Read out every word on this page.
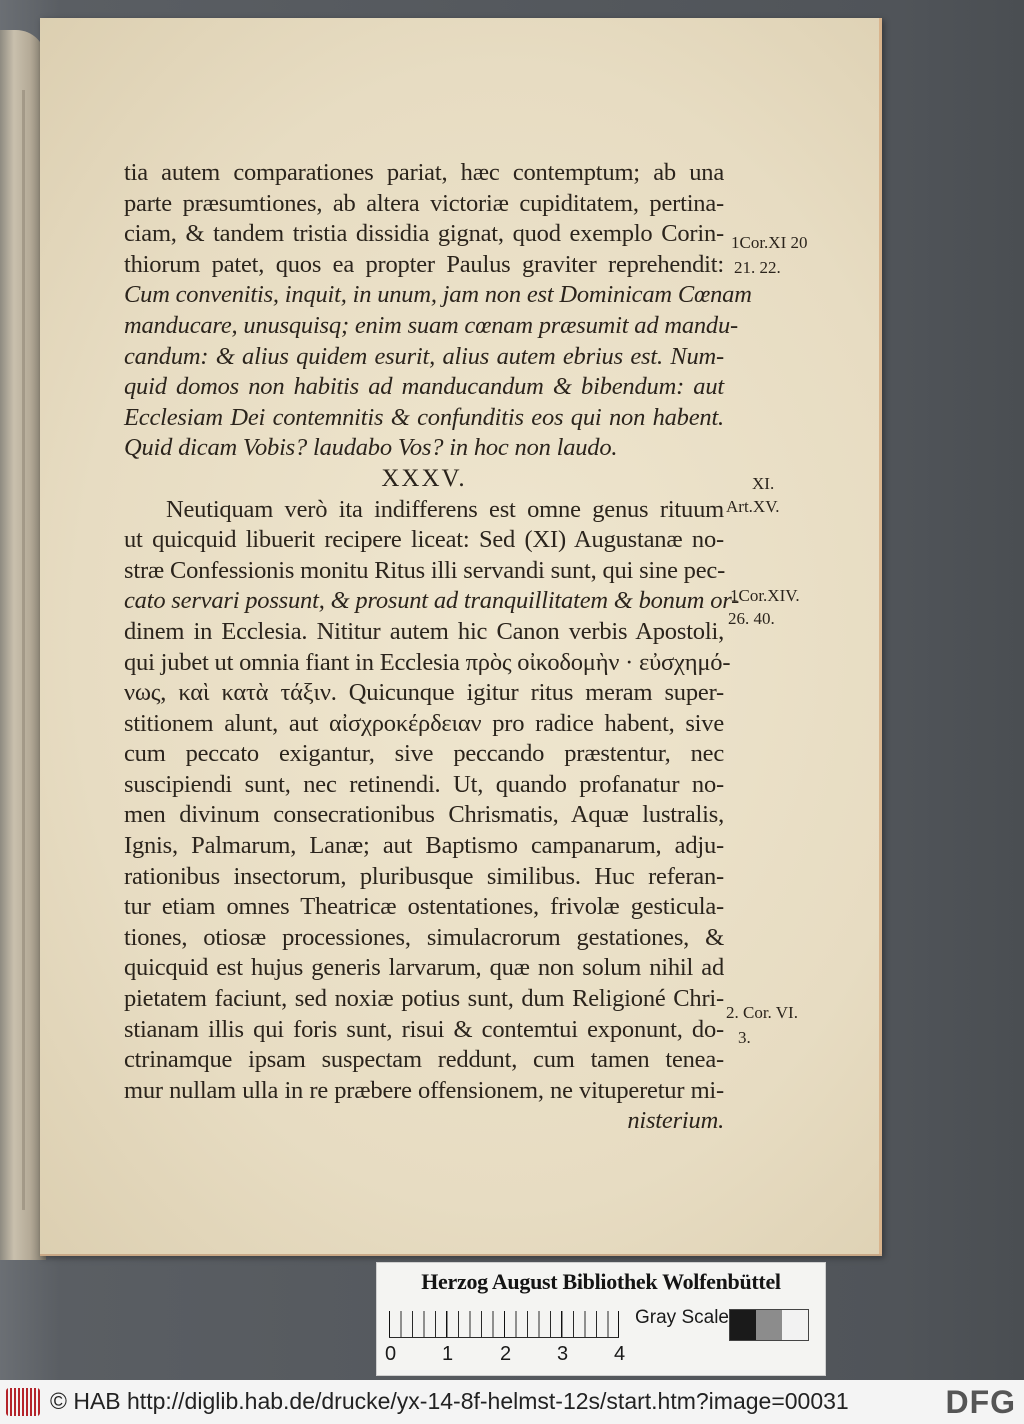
tia autem comparationes pariat, hæc contemptum; ab una
parte præsumtiones, ab altera victoriæ cupiditatem, pertina-
ciam, & tandem tristia dissidia gignat, quod exemplo Corin-
thiorum patet, quos ea propter Paulus graviter reprehendit:
Cum convenitis, inquit, in unum, jam non est Dominicam Cœnam
manducare, unusquisq; enim suam cœnam præsumit ad mandu-
candum: & alius quidem esurit, alius autem ebrius est. Num-
quid domos non habitis ad manducandum & bibendum: aut
Ecclesiam Dei contemnitis & confunditis eos qui non habent.
Quid dicam Vobis? laudabo Vos? in hoc non laudo.
XXXV.
Neutiquam verò ita indifferens est omne genus rituum
ut quicquid libuerit recipere liceat: Sed (XI) Augustanæ no-
stræ Confessionis monitu Ritus illi servandi sunt, qui sine pec-
cato servari possunt, & prosunt ad tranquillitatem & bonum or-
dinem in Ecclesia. Nititur autem hic Canon verbis Apostoli,
qui jubet ut omnia fiant in Ecclesia πρὸς οἰκοδομὴν · εὐσχημό-
νως, καὶ κατὰ τάξιν. Quicunque igitur ritus meram super-
stitionem alunt, aut αἰσχροκέρδειαν pro radice habent, sive
cum peccato exigantur, sive peccando præstentur, nec
suscipiendi sunt, nec retinendi. Ut, quando profanatur no-
men divinum consecrationibus Chrismatis, Aquæ lustralis,
Ignis, Palmarum, Lanæ; aut Baptismo campanarum, adju-
rationibus insectorum, pluribusque similibus. Huc referan-
tur etiam omnes Theatricæ ostentationes, frivolæ gesticula-
tiones, otiosæ processiones, simulacrorum gestationes, &
quicquid est hujus generis larvarum, quæ non solum nihil ad
pietatem faciunt, sed noxiæ potius sunt, dum Religioné Chri-
stianam illis qui foris sunt, risui & contemtui exponunt, do-
ctrinamque ipsam suspectam reddunt, cum tamen tenea-
mur nullam ulla in re præbere offensionem, ne vituperetur mi-
nisterium.
1Cor.XI 20
21. 22.
XI.
Art.XV.
1Cor.XIV.
26. 40.
2. Cor. VI.
3.
Herzog August Bibliothek Wolfenbüttel
0 1 2 3 4
Gray Scale
© HAB http://diglib.hab.de/drucke/yx-14-8f-helmst-12s/start.htm?image=00031	DFG
